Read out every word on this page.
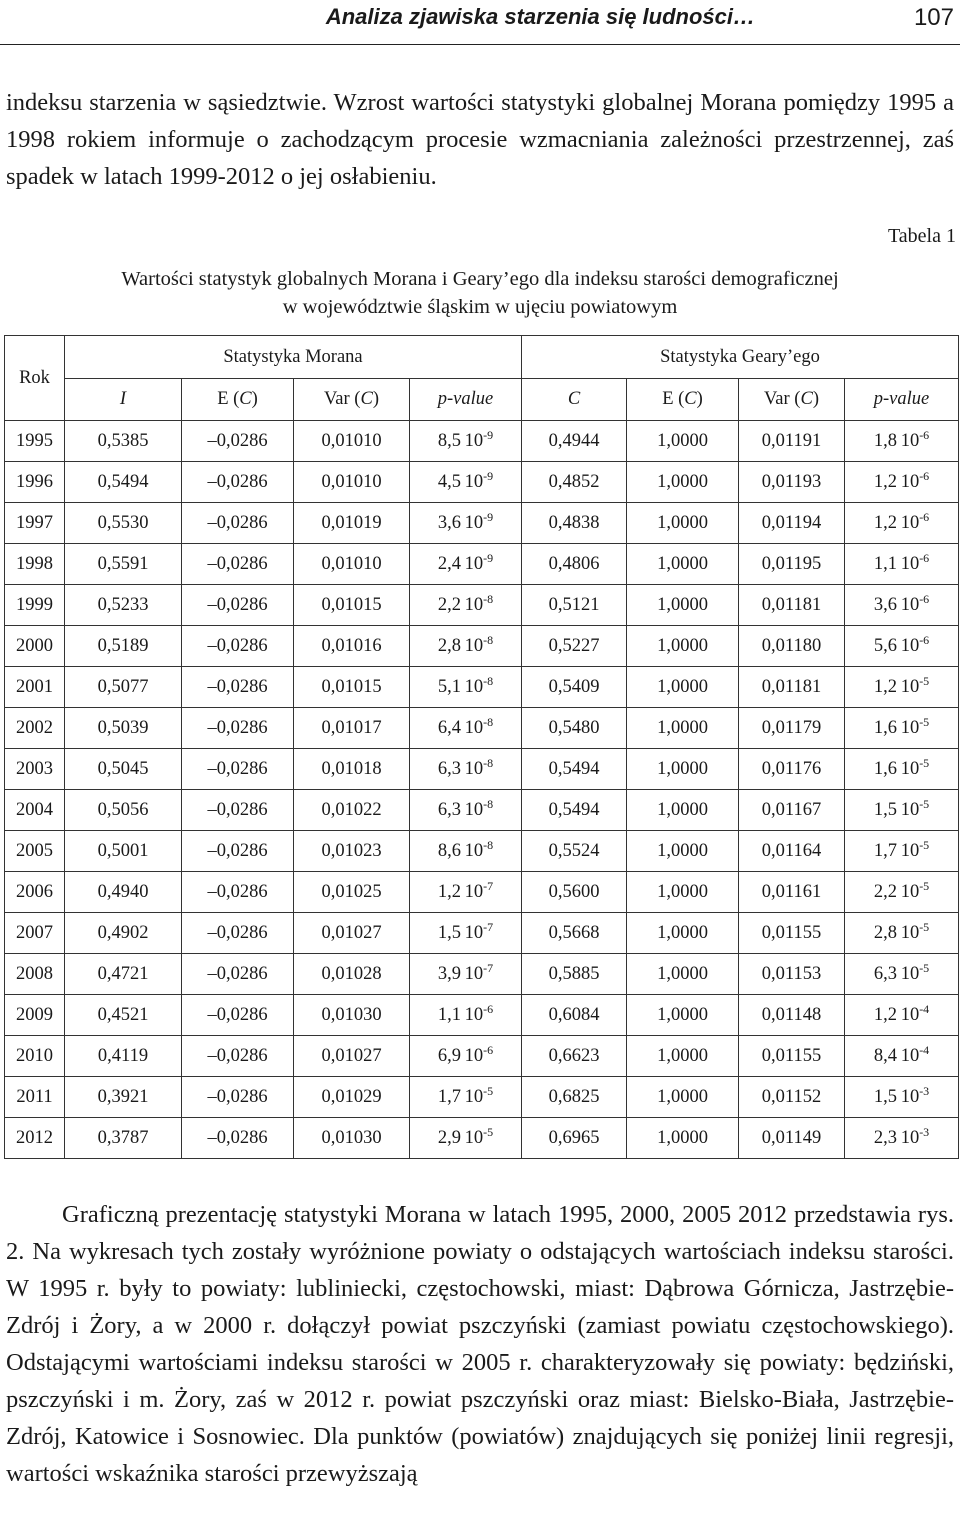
Analiza zjawiska starzenia się ludności…	107

indeksu starzenia w sąsiedztwie. Wzrost wartości statystyki globalnej Morana pomiędzy 1995 a 1998 rokiem informuje o zachodzącym procesie wzmacniania zależności przestrzennej, zaś spadek w latach 1999-2012 o jej osłabieniu.

Tabela 1
Wartości statystyk globalnych Morana i Geary’ego dla indeksu starości demograficznej
w województwie śląskim w ujęciu powiatowym
Rok	Statystyka Morana				Statystyka Geary’ego			
	I	E (C)	Var (C)	p-value	C	E (C)	Var (C)	p-value
1995	0,5385	–0,0286	0,01010	8,5  $10^{-9}$	0,4944	1,0000	0,01191	1,8  $10^{-6}$
1996	0,5494	–0,0286	0,01010	4,5  $10^{-9}$	0,4852	1,0000	0,01193	1,2  $10^{-6}$
1997	0,5530	–0,0286	0,01019	3,6  $10^{-9}$	0,4838	1,0000	0,01194	1,2  $10^{-6}$
1998	0,5591	–0,0286	0,01010	2,4  $10^{-9}$	0,4806	1,0000	0,01195	1,1  $10^{-6}$
1999	0,5233	–0,0286	0,01015	2,2  $10^{-8}$	0,5121	1,0000	0,01181	3,6  $10^{-6}$
2000	0,5189	–0,0286	0,01016	2,8  $10^{-8}$	0,5227	1,0000	0,01180	5,6  $10^{-6}$
2001	0,5077	–0,0286	0,01015	5,1  $10^{-8}$	0,5409	1,0000	0,01181	1,2  $10^{-5}$
2002	0,5039	–0,0286	0,01017	6,4  $10^{-8}$	0,5480	1,0000	0,01179	1,6  $10^{-5}$
2003	0,5045	–0,0286	0,01018	6,3  $10^{-8}$	0,5494	1,0000	0,01176	1,6  $10^{-5}$
2004	0,5056	–0,0286	0,01022	6,3  $10^{-8}$	0,5494	1,0000	0,01167	1,5  $10^{-5}$
2005	0,5001	–0,0286	0,01023	8,6  $10^{-8}$	0,5524	1,0000	0,01164	1,7  $10^{-5}$
2006	0,4940	–0,0286	0,01025	1,2  $10^{-7}$	0,5600	1,0000	0,01161	2,2  $10^{-5}$
2007	0,4902	–0,0286	0,01027	1,5  $10^{-7}$	0,5668	1,0000	0,01155	2,8  $10^{-5}$
2008	0,4721	–0,0286	0,01028	3,9  $10^{-7}$	0,5885	1,0000	0,01153	6,3  $10^{-5}$
2009	0,4521	–0,0286	0,01030	1,1  $10^{-6}$	0,6084	1,0000	0,01148	1,2  $10^{-4}$
2010	0,4119	–0,0286	0,01027	6,9  $10^{-6}$	0,6623	1,0000	0,01155	8,4  $10^{-4}$
2011	0,3921	–0,0286	0,01029	1,7  $10^{-5}$	0,6825	1,0000	0,01152	1,5  $10^{-3}$
2012	0,3787	–0,0286	0,01030	2,9  $10^{-5}$	0,6965	1,0000	0,01149	2,3  $10^{-3}$

Graficzną prezentację statystyki Morana w latach 1995, 2000, 2005 2012 przedstawia rys. 2. Na wykresach tych zostały wyróżnione powiaty o odstających wartościach indeksu starości. W 1995 r. były to powiaty: lubliniecki, częstochowski, miast: Dąbrowa Górnicza, Jastrzębie-Zdrój i Żory, a w 2000 r. dołączył powiat pszczyński (zamiast powiatu częstochowskiego). Odstającymi wartościami indeksu starości w 2005 r. charakteryzowały się powiaty: będziński, pszczyński i m. Żory, zaś w 2012 r. powiat pszczyński oraz miast: Bielsko-Biała, Jastrzębie-Zdrój, Katowice i Sosnowiec. Dla punktów (powiatów) znajdujących się poniżej linii regresji, wartości wskaźnika starości przewyższają
